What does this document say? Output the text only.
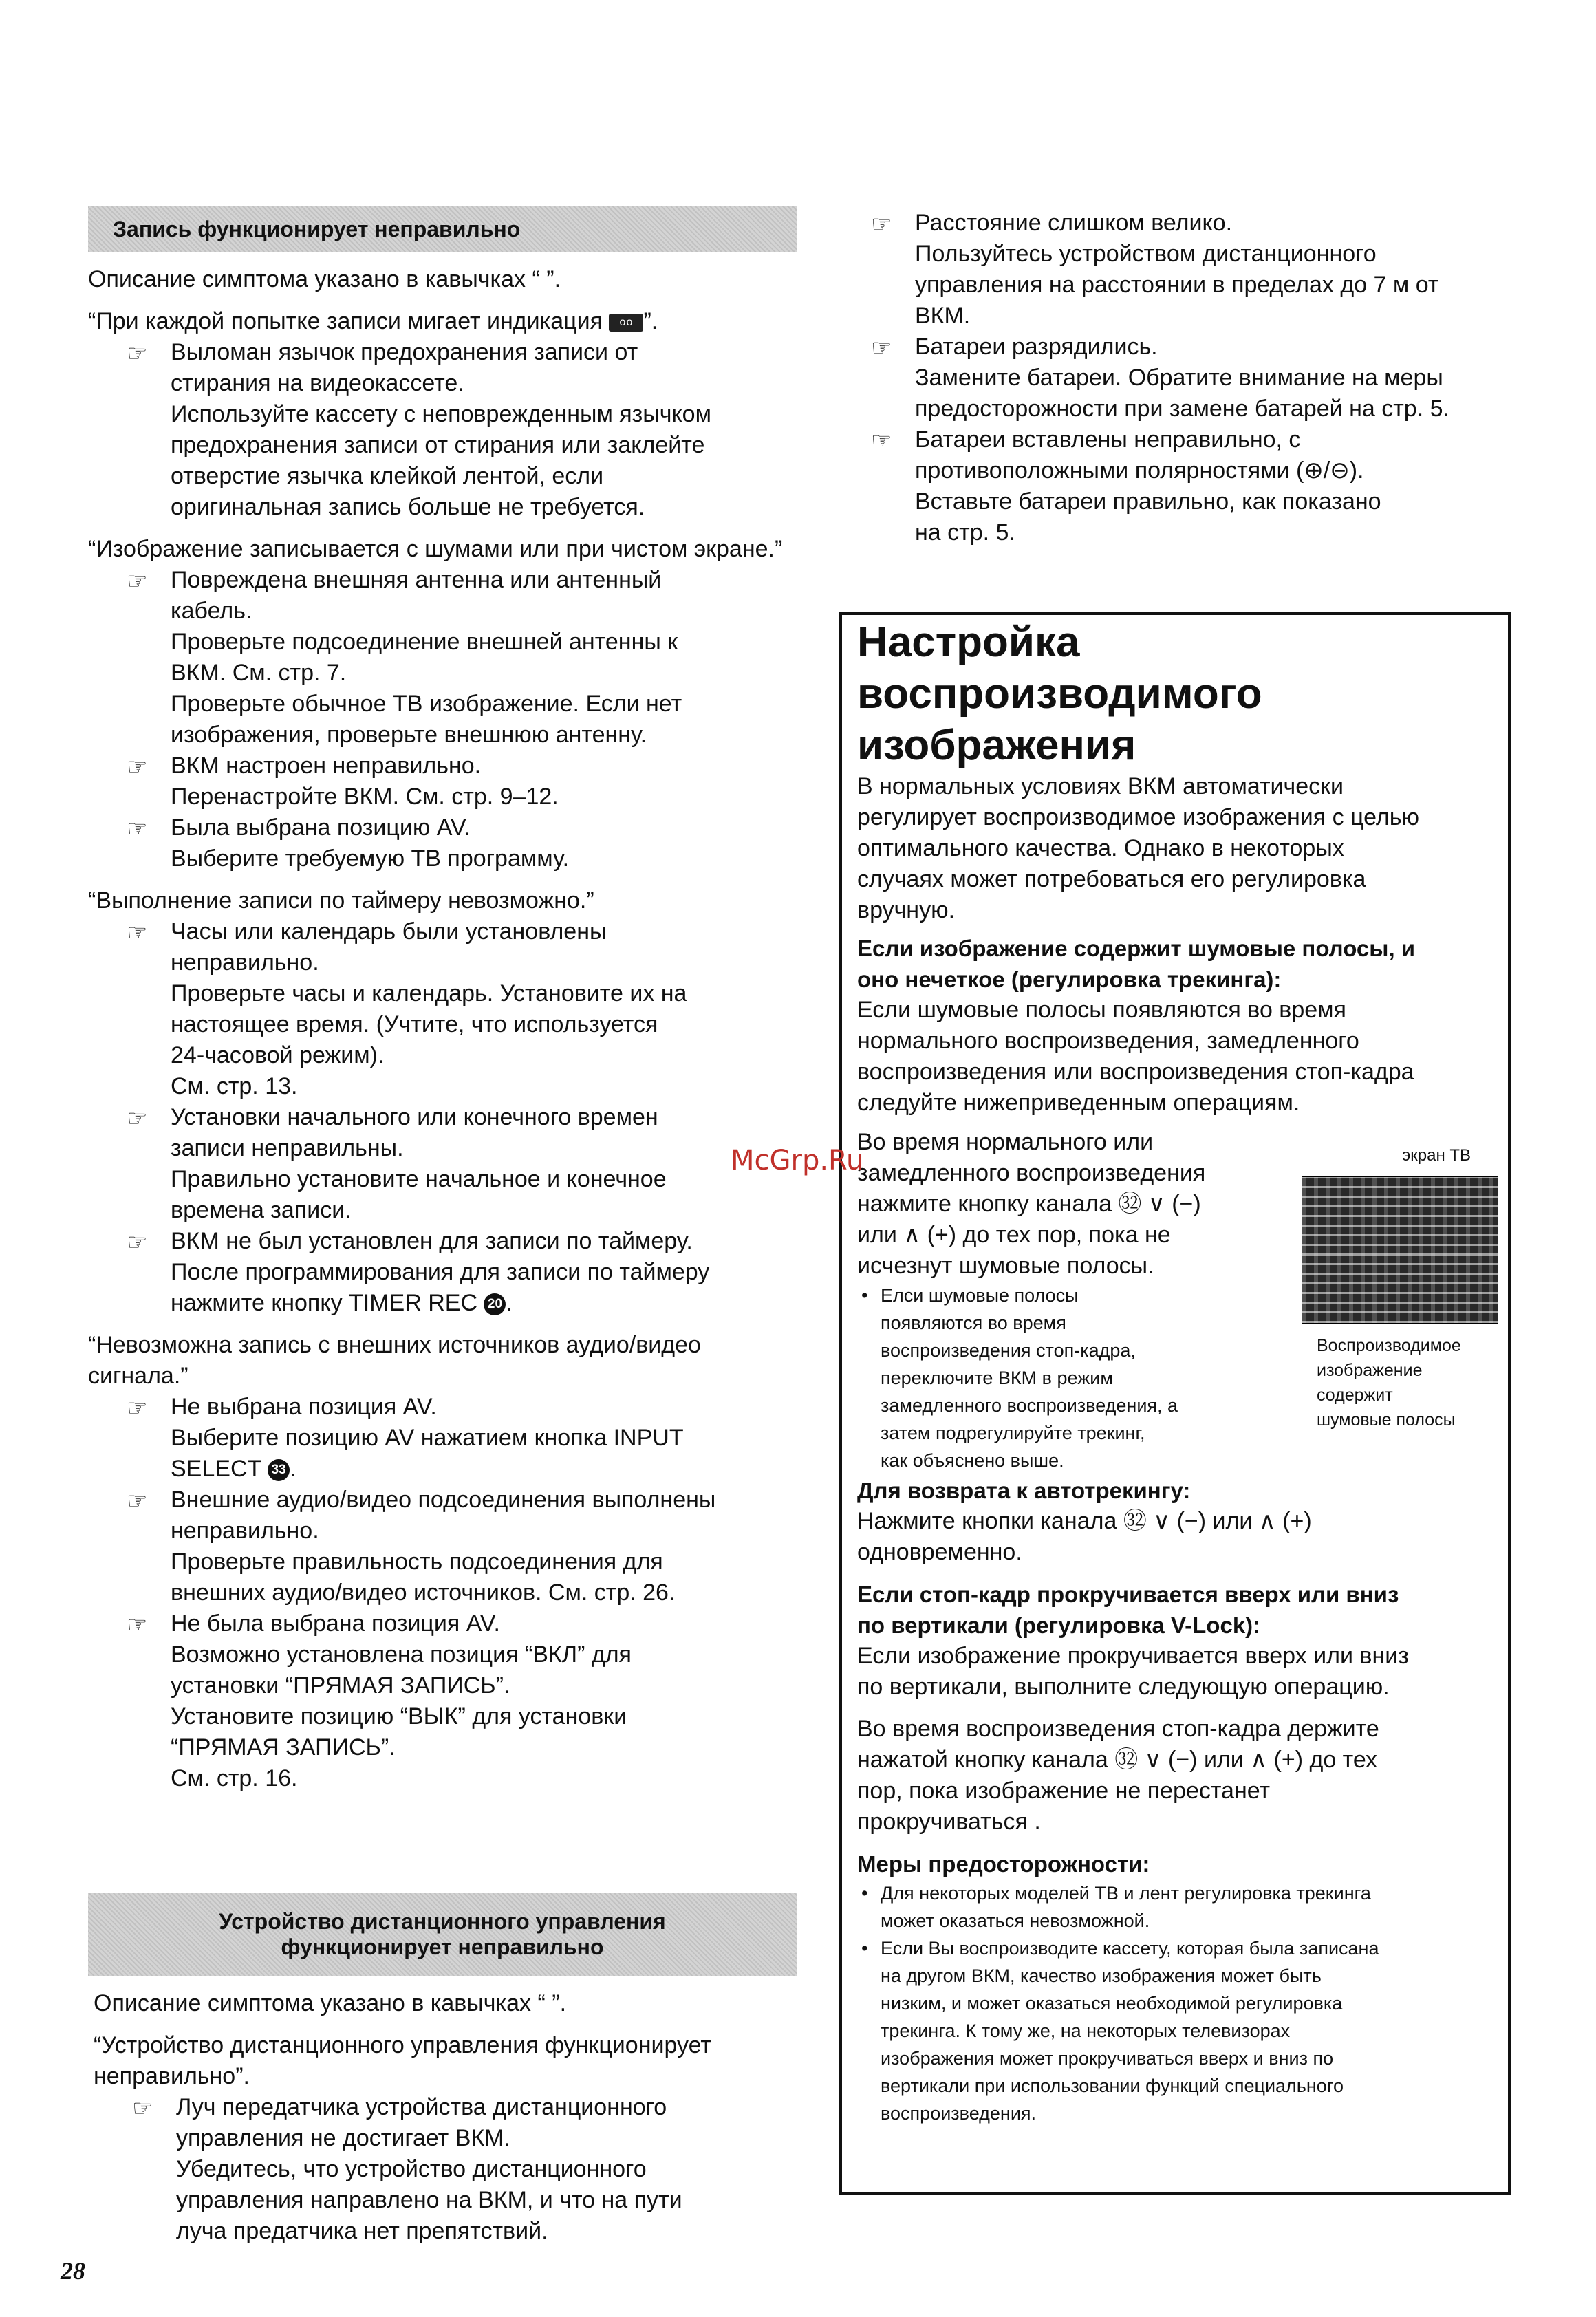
Запись функционирует неправильно

Описание симптома указано в кавычках “ ”.

“При каждой попытке записи мигает индикация oo ”.

☞ Выломан язычок предохранения записи от
стирания на видеокассете.
Используйте кассету с неповрежденным язычком
предохранения записи от стирания или заклейте
отверстие язычка клейкой лентой, если
оригинальная запись больше не требуется.

“Изображение записывается с шумами или при чистом экране.”

☞ Повреждена внешняя антенна или антенный
кабель.
Проверьте подсоединение внешней антенны к
ВКМ. См. стр. 7.
Проверьте обычное ТВ изображение. Если нет
изображения, проверьте внешнюю антенну.
☞ ВКМ настроен неправильно.
Перенастройте ВКМ. См. стр. 9–12.
☞ Была выбрана позицию AV.
Выберите требуемую ТВ программу.

“Выполнение записи по таймеру невозможно.”

☞ Часы или календарь были установлены
неправильно.
Проверьте часы и календарь. Установите их на
настоящее время. (Учтите, что используется
24-часовой режим).
См. стр. 13.
☞ Установки начального или конечного времен
записи неправильны.
Правильно установите начальное и конечное
времена записи.
☞ ВКМ не был установлен для записи по таймеру.
После программирования для записи по таймеру
нажмите кнопку TIMER REC 20 .

“Невозможна запись с внешних источников аудио/видео сигнала.”

☞ Не выбрана позиция AV.
Выберите позицию AV нажатием кнопка INPUT
SELECT 33 .
☞ Внешние аудио/видео подсоединения выполнены
неправильно.
Проверьте правильность подсоединения для
внешних аудио/видео источников. См. стр. 26.
☞ Не была выбрана позиция AV.
Возможно установлена позиция “ВКЛ” для
установки “ПРЯМАЯ ЗАПИСЬ”.
Установите позицию “ВЫК” для установки
“ПРЯМАЯ ЗАПИСЬ”.
См. стр. 16.
Устройство дистанционного управления
функционирует неправильно

Описание симптома указано в кавычках “ ”.

“Устройство дистанционного управления функционирует неправильно”.

☞ Луч передатчика устройства дистанционного
управления не достигает ВКМ.
Убедитесь, что устройство дистанционного
управления направлено на ВКМ, и что на пути
луча предатчика нет препятствий.
☞ Расстояние слишком велико.
Пользуйтесь устройством дистанционного
управления на расстоянии в пределах до 7 м от
ВКМ.
☞ Батареи разрядились.
Замените батареи. Обратите внимание на меры
предосторожности при замене батарей на стр. 5.
☞ Батареи вставлены неправильно, с
противоположными полярностями (⊕/⊖).
Вставьте батареи правильно, как показано
на стр. 5.
Настройка
воспроизводимого
изображения
В нормальных условиях ВКМ автоматически
регулирует воспроизводимое изображения с целью
оптимального качества. Однако в некоторых
случаях может потребоваться его регулировка
вручную.
Если изображение содержит шумовые полосы, и
оно нечеткое (регулировка трекинга):
Если шумовые полосы появляются во время
нормального воспроизведения, замедленного
воспроизведения или воспроизведения стоп-кадра
следуйте нижеприведенным операциям.
Во время нормального или
замедленного воспроизведения
нажмите кнопку канала ㉜ ∨ (−)
или ∧ (+) до тех пор, пока не
исчезнут шумовые полосы.
• Елси шумовые полосы
появляются во время
воспроизведения стоп-кадра,
переключите ВКМ в режим
замедленного воспроизведения, а
затем подрегулируйте трекинг,
как объяснено выше.
экран ТВ
Воспроизводимое
изображение
содержит
шумовые полосы
Для возврата к автотрекингу:
Нажмите кнопки канала ㉜ ∨ (−) или ∧ (+)
одновременно.
Если стоп-кадр прокручивается вверх или вниз
по вертикали (регулировка V-Lock):
Если изображение прокручивается вверх или вниз
по вертикали, выполните следующую операцию.
Во время воспроизведения стоп-кадра держите
нажатой кнопку канала ㉜ ∨ (−) или ∧ (+) до тех
пор, пока изображение не перестанет
прокручиваться .
Меры предосторожности:
• Для некоторых моделей ТВ и лент регулировка трекинга
может оказаться невозможной.
• Если Вы воспроизводите кассету, которая была записана
на другом ВКМ, качество изображения может быть
низким, и может оказаться необходимой регулировка
трекинга. К тому же, на некоторых телевизорах
изображения может прокручиваться вверх и вниз по
вертикали при использовании функций специального
воспроизведения.
McGrp.Ru
28
